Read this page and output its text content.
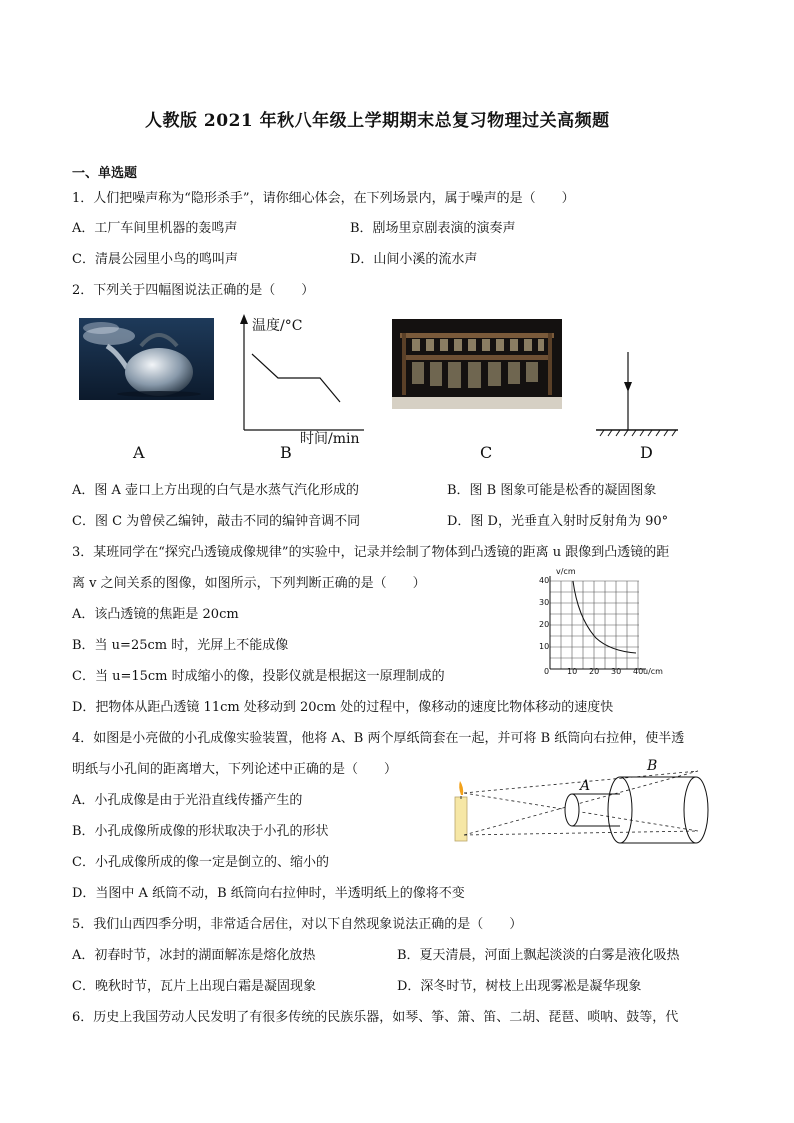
人教版 2021 年秋八年级上学期期末总复习物理过关高频题
一、单选题
1．人们把噪声称为“隐形杀手”，请你细心体会，在下列场景内，属于噪声的是（　　）
A．工厂车间里机器的轰鸣声	B．剧场里京剧表演的演奏声
C．清晨公园里小鸟的鸣叫声	D．山间小溪的流水声
2．下列关于四幅图说法正确的是（　　）
A
温度/°C
时间/min
B	C	D
A．图 A 壶口上方出现的白气是水蒸气汽化形成的	B．图 B 图象可能是松香的凝固图象
C．图 C 为曾侯乙编钟，敲击不同的编钟音调不同	D．图 D，光垂直入射时反射角为 90°
3．某班同学在“探究凸透镜成像规律”的实验中，记录并绘制了物体到凸透镜的距离 u 跟像到凸透镜的距
离 v 之间关系的图像，如图所示，下列判断正确的是（　　）
A．该凸透镜的焦距是 20cm
B．当 u=25cm 时，光屏上不能成像
C．当 u=15cm 时成缩小的像，投影仪就是根据这一原理制成的
D．把物体从距凸透镜 11cm 处移动到 20cm 处的过程中，像移动的速度比物体移动的速度快
v/cm
0 10 20 30 40 u/cm
10
20
30
40
4．如图是小亮做的小孔成像实验装置，他将 A、B 两个厚纸筒套在一起，并可将 B 纸筒向右拉伸，使半透
明纸与小孔间的距离增大，下列论述中正确的是（　　）
A．小孔成像是由于光沿直线传播产生的
B．小孔成像所成像的形状取决于小孔的形状
C．小孔成像所成的像一定是倒立的、缩小的
D．当图中 A 纸筒不动，B 纸筒向右拉伸时，半透明纸上的像将不变
A
B
5．我们山西四季分明，非常适合居住，对以下自然现象说法正确的是（　　）
A．初春时节，冰封的湖面解冻是熔化放热	B．夏天清晨，河面上飘起淡淡的白雾是液化吸热
C．晚秋时节，瓦片上出现白霜是凝固现象	D．深冬时节，树枝上出现雾凇是凝华现象
6．历史上我国劳动人民发明了有很多传统的民族乐器，如琴、筝、箫、笛、二胡、琵琶、唢呐、鼓等，代
